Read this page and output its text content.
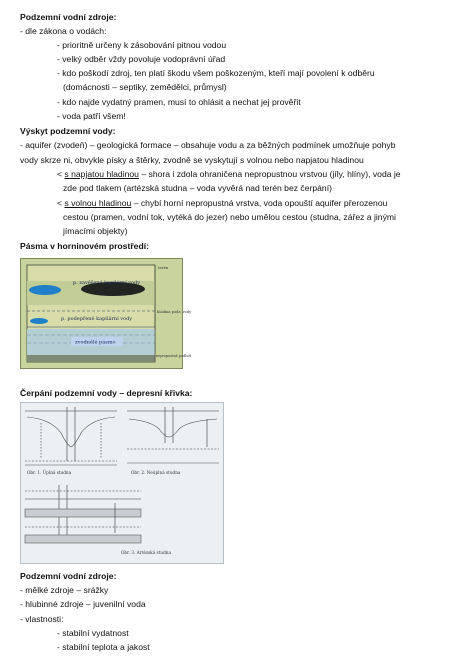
Podzemní vodní zdroje:
- dle zákona o vodách:
- prioritně určeny k zásobování pitnou vodou
- velký odběr vždy povoluje vodoprávní úřad
- kdo poškodí zdroj, ten platí škodu všem poškozeným, kteří mají povolení k odběru
(domácnosti – septiky, zemědělci, průmysl)
- kdo najde vydatný pramen, musí to ohlásit a nechat jej prověřit
- voda patří všem!
Výskyt podzemní vody:
- aquifer (zvodeň) – geologická formace – obsahuje vodu a za běžných podmínek umožňuje pohyb
vody skrze ni, obvykle písky a štěrky, zvodně se vyskytují s volnou nebo napjatou hladinou
< s napjatou hladinou – shora i zdola ohraničena nepropustnou vrstvou (jíly, hlíny), voda je
zde pod tlakem (artézská studna – voda vyvěrá nad terén bez čerpání)
< s volnou hladinou – chybí horní nepropustná vrstva, voda opouští aquifer přerozenou
cestou (pramen, vodní tok, vytéká do jezer) nebo umělou cestou (studna, zářez a jinými
jímacími objekty)
Pásma v horninovém prostředí:
p. zavěšené kapilární vody
p. podepřené kapilární vody
zvodnělé pásmo
terén
hladina podz. vody
nepropustné podloží
Čerpání podzemní vody – depresní křivka:
Obr. 1. Úplná studna	Obr. 2. Neúplná studna
Obr. 3. Artézská studna
Podzemní vodní zdroje:
- mělké zdroje – srážky
- hlubinné zdroje – juvenilní voda
- vlastnosti:
- stabilní vydatnost
- stabilní teplota a jakost
